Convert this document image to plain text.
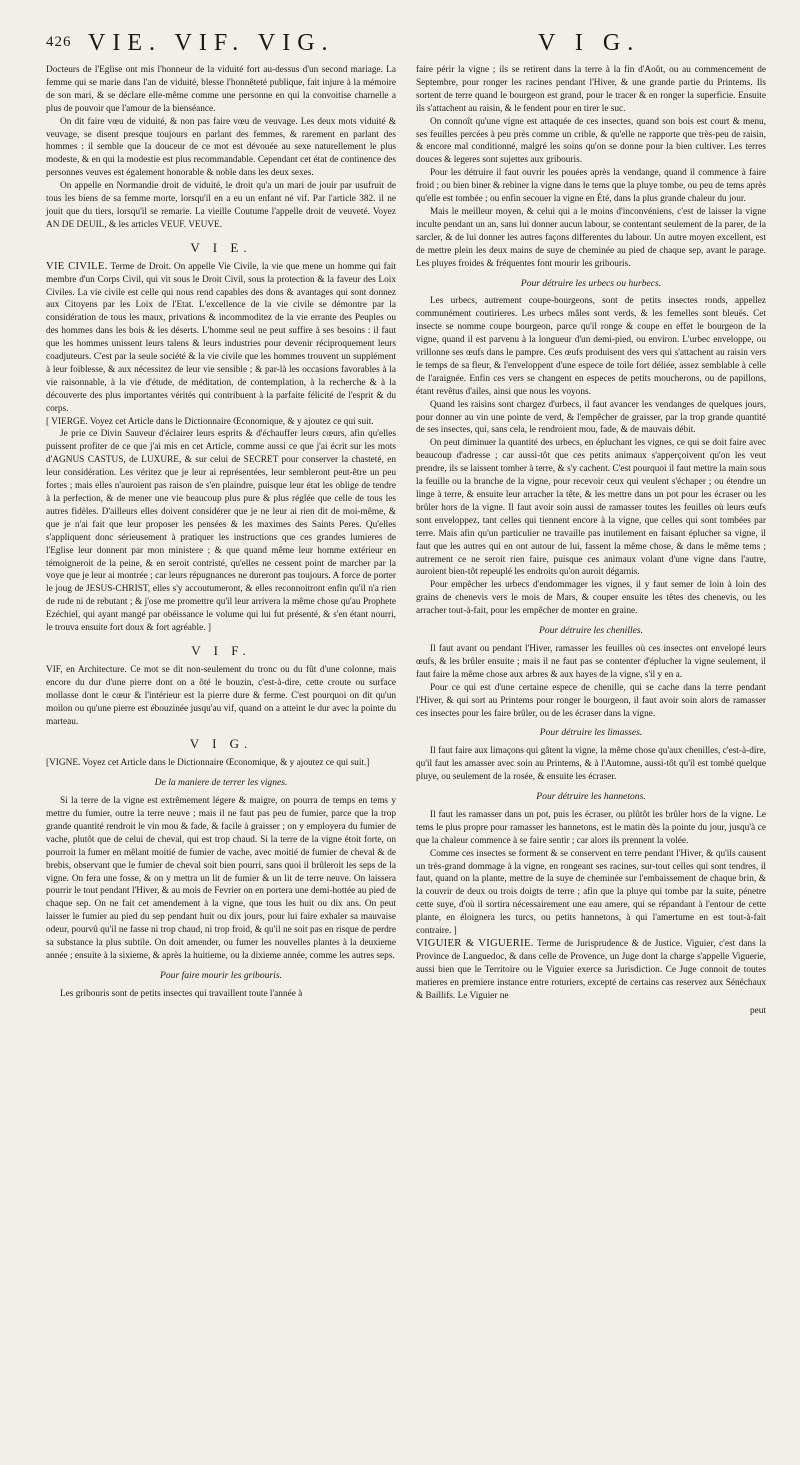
426 VIE. VIF. VIG.	V I G.

Docteurs de l'Eglise ont mis l'honneur de la viduité fort au-dessus d'un second mariage. La femme qui se marie dans l'an de viduité, blesse l'honnêteté publique, fait injure à la mémoire de son mari, & se déclare elle-même comme une personne en qui la convoitise charnelle a plus de pouvoir que l'amour de la bienséance.

On dit faire vœu de viduité, & non pas faire vœu de veuvage. Les deux mots viduité & veuvage, se disent presque toujours en parlant des femmes, & rarement en parlant des hommes : il semble que la douceur de ce mot est dévouée au sexe naturellement le plus modeste, & en qui la modestie est plus recommandable. Cependant cet état de continence des personnes veuves est également honorable & noble dans les deux sexes.

On appelle en Normandie droit de viduité, le droit qu'a un mari de jouir par usufruit de tous les biens de sa femme morte, lorsqu'il en a eu un enfant né vif. Par l'article 382. il ne jouit que du tiers, lorsqu'il se remarie. La vieille Coutume l'appelle droit de veuveté. Voyez AN DE DEUIL, & les articles VEUF. VEUVE.

V I E.

VIE CIVILE. Terme de Droit. On appelle Vie Civile, la vie que mene un homme qui fait membre d'un Corps Civil, qui vit sous le Droit Civil, sous la protection & la faveur des Loix Civiles. La vie civile est celle qui nous rend capables des dons & avantages qui sont donnez aux Citoyens par les Loix de l'Etat. L'excellence de la vie civile se démontre par la considération de tous les maux, privations & incommoditez de la vie errante des Peuples ou des hommes dans les bois & les déserts. L'homme seul ne peut suffire à ses besoins : il faut que les hommes unissent leurs talens & leurs industries pour devenir réciproquement leurs coadjuteurs. C'est par la seule société & la vie civile que les hommes trouvent un supplément à leur foiblesse, & aux nécessitez de leur vie sensible ; & par-là les occasions favorables à la vie raisonnable, à la vie d'étude, de méditation, de contemplation, à la recherche & à la découverte des plus importantes vérités qui contribuent à la parfaite félicité de l'esprit & du corps.

[ VIERGE. Voyez cet Article dans le Dictionnaire Œconomique, & y ajoutez ce qui suit.

Je prie ce Divin Sauveur d'éclairer leurs esprits & d'échauffer leurs cœurs, afin qu'elles puissent profiter de ce que j'ai mis en cet Article, comme aussi ce que j'ai écrit sur les mots d'AGNUS CASTUS, de LUXURE, & sur celui de SECRET pour conserver la chasteté, en leur considération. Les véritez que je leur ai représentées, leur sembleront peut-être un peu fortes ; mais elles n'auroient pas raison de s'en plaindre, puisque leur état les oblige de tendre à la perfection, & de mener une vie beaucoup plus pure & plus réglée que celle de tous les autres fidèles. D'ailleurs elles doivent considérer que je ne leur ai rien dit de moi-même, & que je n'ai fait que leur proposer les pensées & les maximes des Saints Peres. Qu'elles s'appliquent donc sérieusement à pratiquer les instructions que ces grandes lumieres de l'Eglise leur donnent par mon ministere ; & que quand même leur homme extérieur en témoigneroit de la peine, & en seroit contristé, qu'elles ne cessent point de marcher par la voye que je leur ai montrée ; car leurs répugnances ne dureront pas toujours. A force de porter le joug de JESUS-CHRIST, elles s'y accoutumeront, & elles reconnoitront enfin qu'il n'a rien de rude ni de rebutant ; & j'ose me promettre qu'il leur arrivera la même chose qu'au Prophete Ezéchiel, qui ayant mangé par obéissance le volume qui lui fut présenté, & s'en étant nourri, le trouva ensuite fort doux & fort agréable. ]

V I F.

VIF, en Architecture. Ce mot se dit non-seulement du tronc ou du fût d'une colonne, mais encore du dur d'une pierre dont on a ôté le bouzin, c'est-à-dire, cette croute ou surface mollasse dont le cœur & l'intérieur est la pierre dure & ferme. C'est pourquoi on dit qu'un moilon ou qu'une pierre est ébouzinée jusqu'au vif, quand on a atteint le dur avec la pointe du marteau.

V I G.

[VIGNE. Voyez cet Article dans le Dictionnaire Œconomique, & y ajoutez ce qui suit.]

De la maniere de terrer les vignes.

Si la terre de la vigne est extrêmement légere & maigre, on pourra de temps en tems y mettre du fumier, outre la terre neuve ; mais il ne faut pas peu de fumier, parce que la trop grande quantité rendroit le vin mou & fade, & facile à graisser ; on y employera du fumier de vache, plutôt que de celui de cheval, qui est trop chaud. Si la terre de la vigne étoit forte, on pourroit la fumer en mêlant moitié de fumier de vache, avec moitié de fumier de cheval & de brebis, observant que le fumier de cheval soit bien pourri, sans quoi il brûleroit les seps de la vigne. On fera une fosse, & on y mettra un lit de fumier & un lit de terre neuve. On laissera pourrir le tout pendant l'Hiver, & au mois de Fevrier on en portera une demi-hottée au pied de chaque sep. On ne fait cet amendement à la vigne, que tous les huit ou dix ans. On peut laisser le fumier au pied du sep pendant huit ou dix jours, pour lui faire exhaler sa mauvaise odeur, pourvû qu'il ne fasse ni trop chaud, ni trop froid, & qu'il ne soit pas en risque de perdre sa substance la plus subtile. On doit amender, ou fumer les nouvelles plantes à la deuxieme année ; ensuite à la sixieme, & après la huitieme, ou la dixieme année, comme les autres seps.

Pour faire mourir les gribouris.

Les gribouris sont de petits insectes qui travaillent toute l'année à

faire périr la vigne ; ils se retirent dans la terre à la fin d'Août, ou au commencement de Septembre, pour ronger les racines pendant l'Hiver, & une grande partie du Printems. Ils sortent de terre quand le bourgeon est grand, pour le tracer & en ronger la superficie. Ensuite ils s'attachent au raisin, & le fendent pour en tirer le suc.

On connoît qu'une vigne est attaquée de ces insectes, quand son bois est court & menu, ses feuilles percées à peu près comme un crible, & qu'elle ne rapporte que très-peu de raisin, & encore mal conditionné, malgré les soins qu'on se donne pour la bien cultiver. Les terres douces & legeres sont sujettes aux gribouris.

Pour les détruire il faut ouvrir les pouées après la vendange, quand il commence à faire froid ; ou bien biner & rebiner la vigne dans le tems que la pluye tombe, ou peu de tems après qu'elle est tombée ; ou enfin secouer la vigne en Été, dans la plus grande chaleur du jour.

Mais le meilleur moyen, & celui qui a le moins d'inconvéniens, c'est de laisser la vigne inculte pendant un an, sans lui donner aucun labour, se contentant seulement de la parer, de la sarcler, & de lui donner les autres façons differentes du labour. Un autre moyen excellent, est de mettre plein les deux mains de suye de cheminée au pied de chaque sep, avant le parage. Les pluyes froides & fréquentes font mourir les gribouris.

Pour détruire les urbecs ou hurbecs.

Les urbecs, autrement coupe-bourgeons, sont de petits insectes ronds, appellez communément coutirieres. Les urbecs mâles sont verds, & les femelles sont bleuës. Cet insecte se nomme coupe bourgeon, parce qu'il ronge & coupe en effet le bourgeon de la vigne, quand il est parvenu à la longueur d'un demi-pied, ou environ. L'urbec enveloppe, ou vrillonne ses œufs dans le pampre. Ces œufs produisent des vers qui s'attachent au raisin vers le temps de sa fleur, & l'enveloppent d'une espece de toile fort déliée, assez semblable à celle de l'araignée. Enfin ces vers se changent en especes de petits moucherons, ou de papillons, étant revêtus d'ailes, ainsi que nous les voyons.

Quand les raisins sont chargez d'urbecs, il faut avancer les vendanges de quelques jours, pour donner au vin une pointe de verd, & l'empêcher de graisser, par la trop grande quantité de ses insectes, qui, sans cela, le rendroient mou, fade, & de mauvais débit.

On peut diminuer la quantité des urbecs, en épluchant les vignes, ce qui se doit faire avec beaucoup d'adresse ; car aussi-tôt que ces petits animaux s'apperçoivent qu'on les veut prendre, ils se laissent tomber à terre, & s'y cachent. C'est pourquoi il faut mettre la main sous la feuille ou la branche de la vigne, pour recevoir ceux qui veulent s'échaper ; ou étendre un linge à terre, & ensuite leur arracher la tête, & les mettre dans un pot pour les écraser ou les brûler hors de la vigne. Il faut avoir soin aussi de ramasser toutes les feuilles où leurs œufs sont enveloppez, tant celles qui tiennent encore à la vigne, que celles qui sont tombées par terre. Mais afin qu'un particulier ne travaille pas inutilement en faisant éplucher sa vigne, il faut que les autres qui en ont autour de lui, fassent la même chose, & dans le même tems ; autrement ce ne seroit rien faire, puisque ces animaux volant d'une vigne dans l'autre, auroient bien-tôt repeuplé les endroits qu'on auroit dégarnis.

Pour empêcher les urbecs d'endommager les vignes, il y faut semer de loin à loin des grains de chenevis vers le mois de Mars, & couper ensuite les têtes des chenevis, ou les arracher tout-à-fait, pour les empêcher de monter en graine.

Pour détruire les chenilles.

Il faut avant ou pendant l'Hiver, ramasser les feuilles où ces insectes ont envelopé leurs œufs, & les brûler ensuite ; mais il ne faut pas se contenter d'éplucher la vigne seulement, il faut faire la même chose aux arbres & aux hayes de la vigne, s'il y en a.

Pour ce qui est d'une certaine espece de chenille, qui se cache dans la terre pendant l'Hiver, & qui sort au Printems pour ronger le bourgeon, il faut avoir soin alors de ramasser ces insectes pour les faire brûler, ou de les écraser dans la vigne.

Pour détruire les limasses.

Il faut faire aux limaçons qui gâtent la vigne, la même chose qu'aux chenilles, c'est-à-dire, qu'il faut les amasser avec soin au Printems, & à l'Automne, aussi-tôt qu'il est tombé quelque pluye, ou seulement de la rosée, & ensuite les écraser.

Pour détruire les hannetons.

Il faut les ramasser dans un pot, puis les écraser, ou plûtôt les brûler hors de la vigne. Le tems le plus propre pour ramasser les hannetons, est le matin dès la pointe du jour, jusqu'à ce que la chaleur commence à se faire sentir ; car alors ils prennent la volée.

Comme ces insectes se forment & se conservent en terre pendant l'Hiver, & qu'ils causent un très-grand dommage à la vigne, en rongeant ses racines, sur-tout celles qui sont tendres, il faut, quand on la plante, mettre de la suye de cheminée sur l'embaissement de chaque brin, & la couvrir de deux ou trois doigts de terre ; afin que la pluye qui tombe par la suite, pénetre cette suye, d'où il sortira nécessairement une eau amere, qui se répandant à l'entour de cette plante, en éloignera les turcs, ou petits hannetons, à qui l'amertume en est tout-à-fait contraire. ]

VIGUIER & VIGUERIE. Terme de Jurisprudence & de Justice. Viguier, c'est dans la Province de Languedoc, & dans celle de Provence, un Juge dont la charge s'appelle Viguerie, aussi bien que le Territoire ou le Viguier exerce sa Jurisdiction. Ce Juge connoit de toutes matieres en premiere instance entre roturiers, excepté de certains cas reservez aux Sénéchaux & Baillifs. Le Viguier ne

peut
